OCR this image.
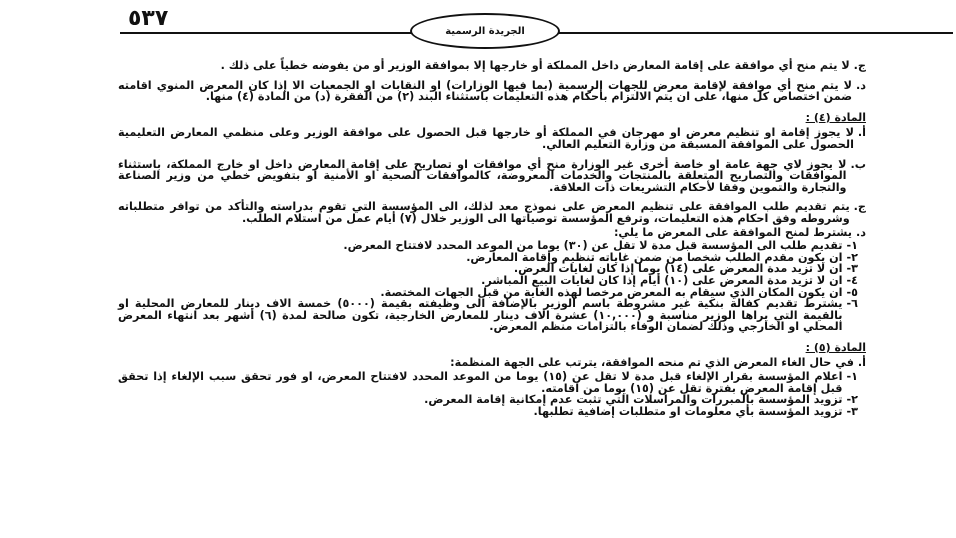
٥٣٧	الجريدة الرسمية
ج.
لا يتم منح أي موافقة على إقامة المعارض داخل المملكة أو خارجها إلا بموافقة الوزير أو من يفوضه خطياً على ذلك .
د.
لا يتم منح أي موافقة لإقامة معرض للجهات الرسمية (بما فيها الوزارات) او النقابات او الجمعيات الا إذا كان المعرض المنوي اقامته ضمن اختصاص كل منها، على ان يتم الالتزام بأحكام هذه التعليمات باستثناء البند (٢) من الفقرة (د) من المادة (٤) منها.
المادة (٤) :
أ.
لا يجوز إقامة او تنظيم معرض او مهرجان في المملكة أو خارجها قبل الحصول على موافقة الوزير وعلى منظمي المعارض التعليمية الحصول على الموافقة المسبقة من وزارة التعليم العالي.
ب.
لا يجوز لاي جهة عامة او خاصة أخرى غير الوزارة منح أي موافقات او تصاريح على إقامة المعارض داخل او خارج المملكة، باستثناء الموافقات والتصاريح المتعلقة بالمنتجات والخدمات المعروضة، كالموافقات الصحية او الأمنية او بتفويض خطي من وزير الصناعة والتجارة والتموين وفقا لأحكام التشريعات ذات العلاقة.
ج.
يتم تقديم طلب الموافقة على تنظيم المعرض على نموذج معد لذلك، الى المؤسسة التي تقوم بدراسته والتأكد من توافر متطلباته وشروطه وفق احكام هذه التعليمات، وترفع المؤسسة توصياتها الى الوزير خلال (٧) أيام عمل من استلام الطلب.
د.
يشترط لمنح الموافقة على المعرض ما يلي:
١-
تقديم طلب الى المؤسسة قبل مدة لا تقل عن (٣٠) يوما من الموعد المحدد لافتتاح المعرض.
٢-
ان يكون مقدم الطلب شخصا من ضمن غاياته تنظيم وإقامة المعارض.
٣-
ان لا تزيد مدة المعرض على (١٤) يوما إذا كان لغايات العرض.
٤-
ان لا تزيد مدة المعرض على (١٠) أيام إذا كان لغايات البيع المباشر.
٥-
ان يكون المكان الذي سيقام به المعرض مرخصا لهذه الغاية من قبل الجهات المختصة.
٦-
يشترط تقديم كفالة بنكية غير مشروطة باسم الوزير بالإضافة الى وظيفته بقيمة (٥٠٠٠) خمسة الاف دينار للمعارض المحلية او بالقيمة التي يراها الوزير مناسبة و (١٠,٠٠٠) عشرة الاف دينار للمعارض الخارجية، تكون صالحة لمدة (٦) أشهر بعد انتهاء المعرض المحلي او الخارجي وذلك لضمان الوفاء بالتزامات منظم المعرض.
المادة (٥) :
أ.
في حال الغاء المعرض الذي تم منحه الموافقة، يترتب على الجهة المنظمة:
١-
اعلام المؤسسة بقرار الإلغاء قبل مدة لا تقل عن (١٥) يوما من الموعد المحدد لافتتاح المعرض، او فور تحقق سبب الإلغاء إذا تحقق قبل إقامة المعرض بفترة تقل عن (١٥) يوما من اقامته.
٢-
تزويد المؤسسة بالمبررات والمراسلات التي تثبت عدم إمكانية إقامة المعرض.
٣-
تزويد المؤسسة بأي معلومات او متطلبات إضافية تطلبها.
